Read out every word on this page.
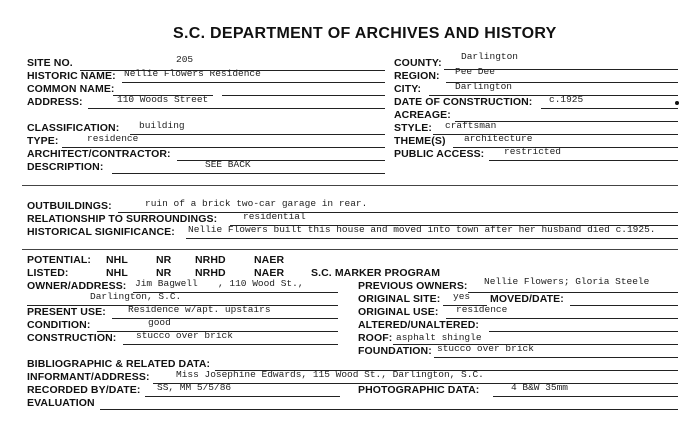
S.C. DEPARTMENT OF ARCHIVES AND HISTORY
SITE NO.	205
HISTORIC NAME: Nellie Flowers Residence
COMMON NAME:
ADDRESS:	110 Woods Street
COUNTY:
Darlington
REGION: Pee Dee
CITY:	Darlington
DATE OF CONSTRUCTION: c.1925
ACREAGE:
CLASSIFICATION: building
TYPE:	residence
ARCHITECT/CONTRACTOR:
DESCRIPTION:	SEE BACK
STYLE: craftsman
THEME(S) architecture
PUBLIC ACCESS: restricted
OUTBUILDINGS:	ruin of a brick two-car garage in rear.
RELATIONSHIP TO SURROUNDINGS:	residential
HISTORICAL SIGNIFICANCE: Nellie Flowers built this house and moved into town after her husband died c.1925.
POTENTIAL: NHL	NR NRHD	NAER
LISTED:	NHL	NR NRHD	NAER	S.C. MARKER PROGRAM
OWNER/ADDRESS: Jim Bagwell , 110 Wood St.,
Darlington, S.C.
PRESENT USE: Residence w/apt. upstairs
CONDITION:	good
CONSTRUCTION: stucco over brick
PREVIOUS OWNERS: Nellie Flowers; Gloria Steele
ORIGINAL SITE: yes MOVED/DATE:
ORIGINAL USE: residence
ALTERED/UNALTERED:
ROOF: asphalt shingle
FOUNDATION: stucco over brick
BIBLIOGRAPHIC & RELATED DATA:
INFORMANT/ADDRESS:	Miss Josephine Edwards, 115 Wood St., Darlington, S.C.
RECORDED BY/DATE: SS, MM 5/5/86	PHOTOGRAPHIC DATA:	4 B&W 35mm
EVALUATION
